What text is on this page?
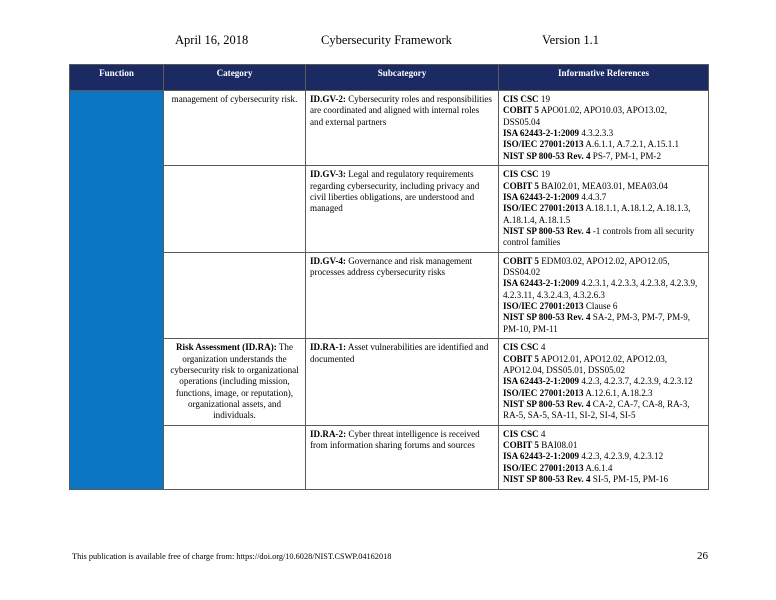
April 16, 2018	Cybersecurity Framework	Version 1.1
Function	Category	Subcategory	Informative References
	management of cybersecurity risk.	ID.GV-2: Cybersecurity roles and responsibilities are coordinated and aligned with internal roles and external partners	CIS CSC 19
COBIT 5 APO01.02, APO10.03, APO13.02, DSS05.04
ISA 62443-2-1:2009 4.3.2.3.3
ISO/IEC 27001:2013 A.6.1.1, A.7.2.1, A.15.1.1
NIST SP 800-53 Rev. 4 PS-7, PM-1, PM-2

		ID.GV-3: Legal and regulatory requirements regarding cybersecurity, including privacy and civil liberties obligations, are understood and managed	CIS CSC 19
COBIT 5 BAI02.01, MEA03.01, MEA03.04
ISA 62443-2-1:2009 4.4.3.7
ISO/IEC 27001:2013 A.18.1.1, A.18.1.2, A.18.1.3, A.18.1.4, A.18.1.5
NIST SP 800-53 Rev. 4 -1 controls from all security control families

		ID.GV-4: Governance and risk management processes address cybersecurity risks	COBIT 5 EDM03.02, APO12.02, APO12.05, DSS04.02
ISA 62443-2-1:2009 4.2.3.1, 4.2.3.3, 4.2.3.8, 4.2.3.9, 4.2.3.11, 4.3.2.4.3, 4.3.2.6.3
ISO/IEC 27001:2013 Clause 6
NIST SP 800-53 Rev. 4 SA-2, PM-3, PM-7, PM-9, PM-10, PM-11

	Risk Assessment (ID.RA): The organization understands the cybersecurity risk to organizational operations (including mission, functions, image, or reputation), organizational assets, and individuals.	ID.RA-1: Asset vulnerabilities are identified and documented	CIS CSC 4
COBIT 5 APO12.01, APO12.02, APO12.03, APO12.04, DSS05.01, DSS05.02
ISA 62443-2-1:2009 4.2.3, 4.2.3.7, 4.2.3.9, 4.2.3.12
ISO/IEC 27001:2013 A.12.6.1, A.18.2.3
NIST SP 800-53 Rev. 4 CA-2, CA-7, CA-8, RA-3, RA-5, SA-5, SA-11, SI-2, SI-4, SI-5

		ID.RA-2: Cyber threat intelligence is received from information sharing forums and sources	CIS CSC 4
COBIT 5 BAI08.01
ISA 62443-2-1:2009 4.2.3, 4.2.3.9, 4.2.3.12
ISO/IEC 27001:2013 A.6.1.4
NIST SP 800-53 Rev. 4 SI-5, PM-15, PM-16
This publication is available free of charge from: https://doi.org/10.6028/NIST.CSWP.04162018	26
